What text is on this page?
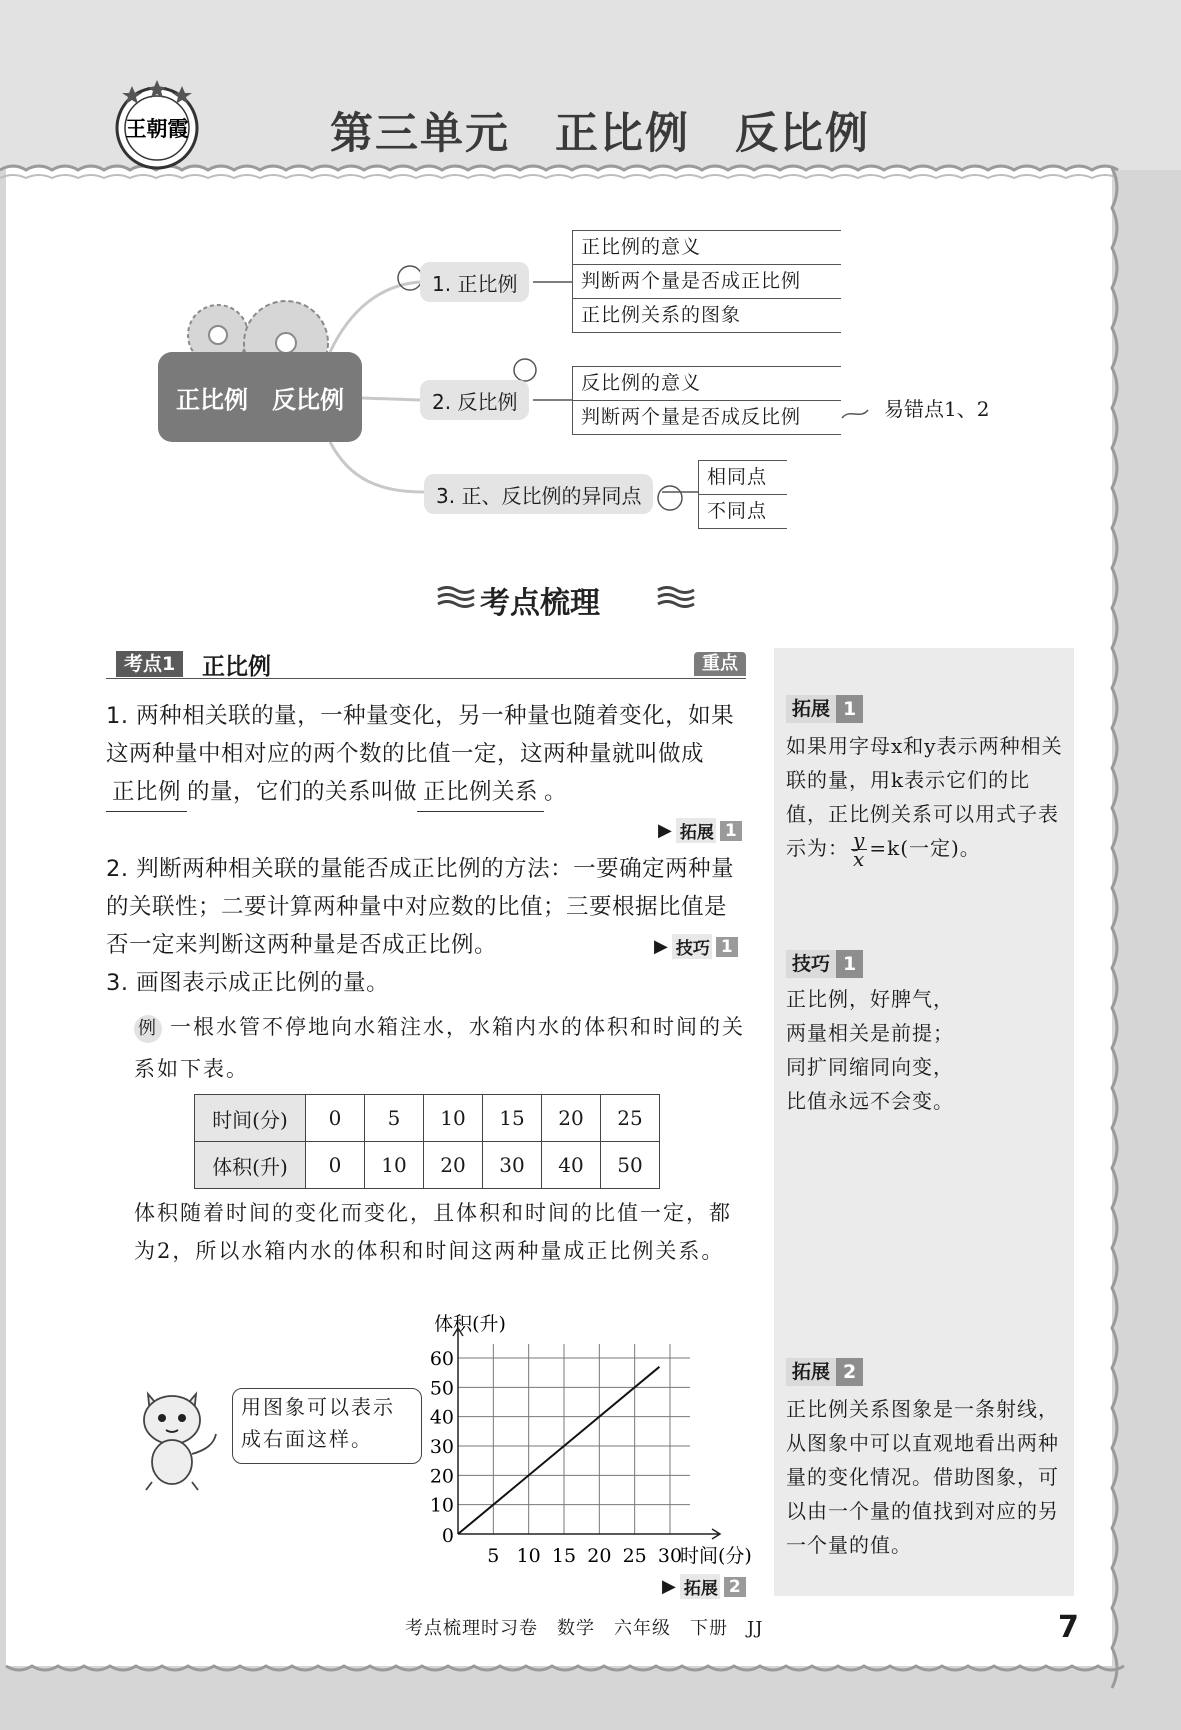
王朝霞	第三单元　正比例　反比例
正比例　反比例
1. 正比例
2. 反比例
3. 正、反比例的异同点
正比例的意义
判断两个量是否成正比例
正比例关系的图象
反比例的意义
判断两个量是否成反比例	易错点1、2
相同点
不同点
考点梳理
考点1	正比例	重点
1. 两种相关联的量，一种量变化，另一种量也随着变化，如果这两种量中相对应的两个数的比值一定，这两种量就叫做成正比例 的量，它们的关系叫做 正比例关系 。
▶ 拓展 1
2. 判断两种相关联的量能否成正比例的方法：一要确定两种量的关联性；二要计算两种量中对应数的比值；三要根据比值是否一定来判断这两种量是否成正比例。	▶ 技巧 1
3. 画图表示成正比例的量。
例 一根水管不停地向水箱注水，水箱内水的体积和时间的关系如下表。
时间(分)	0	5	10	15	20	25
体积(升)	0	10	20	30	40	50
体积随着时间的变化而变化，且体积和时间的比值一定，都为2，所以水箱内水的体积和时间这两种量成正比例关系。
用图象可以表示成右面这样。
体积(升)
5 10 15 20 25 30
10
20
30
40
50
60
0
时间(分)
▶ 拓展 2
拓展 1
如果用字母x和y表示两种相关联的量，用k表示它们的比值，正比例关系可以用式子表示为： $\frac{y}{x} =k$(一定)。
技巧 1
正比例，好脾气，
两量相关是前提；
同扩同缩同向变，
比值永远不会变。
拓展 2
正比例关系图象是一条射线，从图象中可以直观地看出两种量的变化情况。借助图象，可以由一个量的值找到对应的另一个量的值。
考点梳理时习卷　数学　六年级　下册　JJ	7
